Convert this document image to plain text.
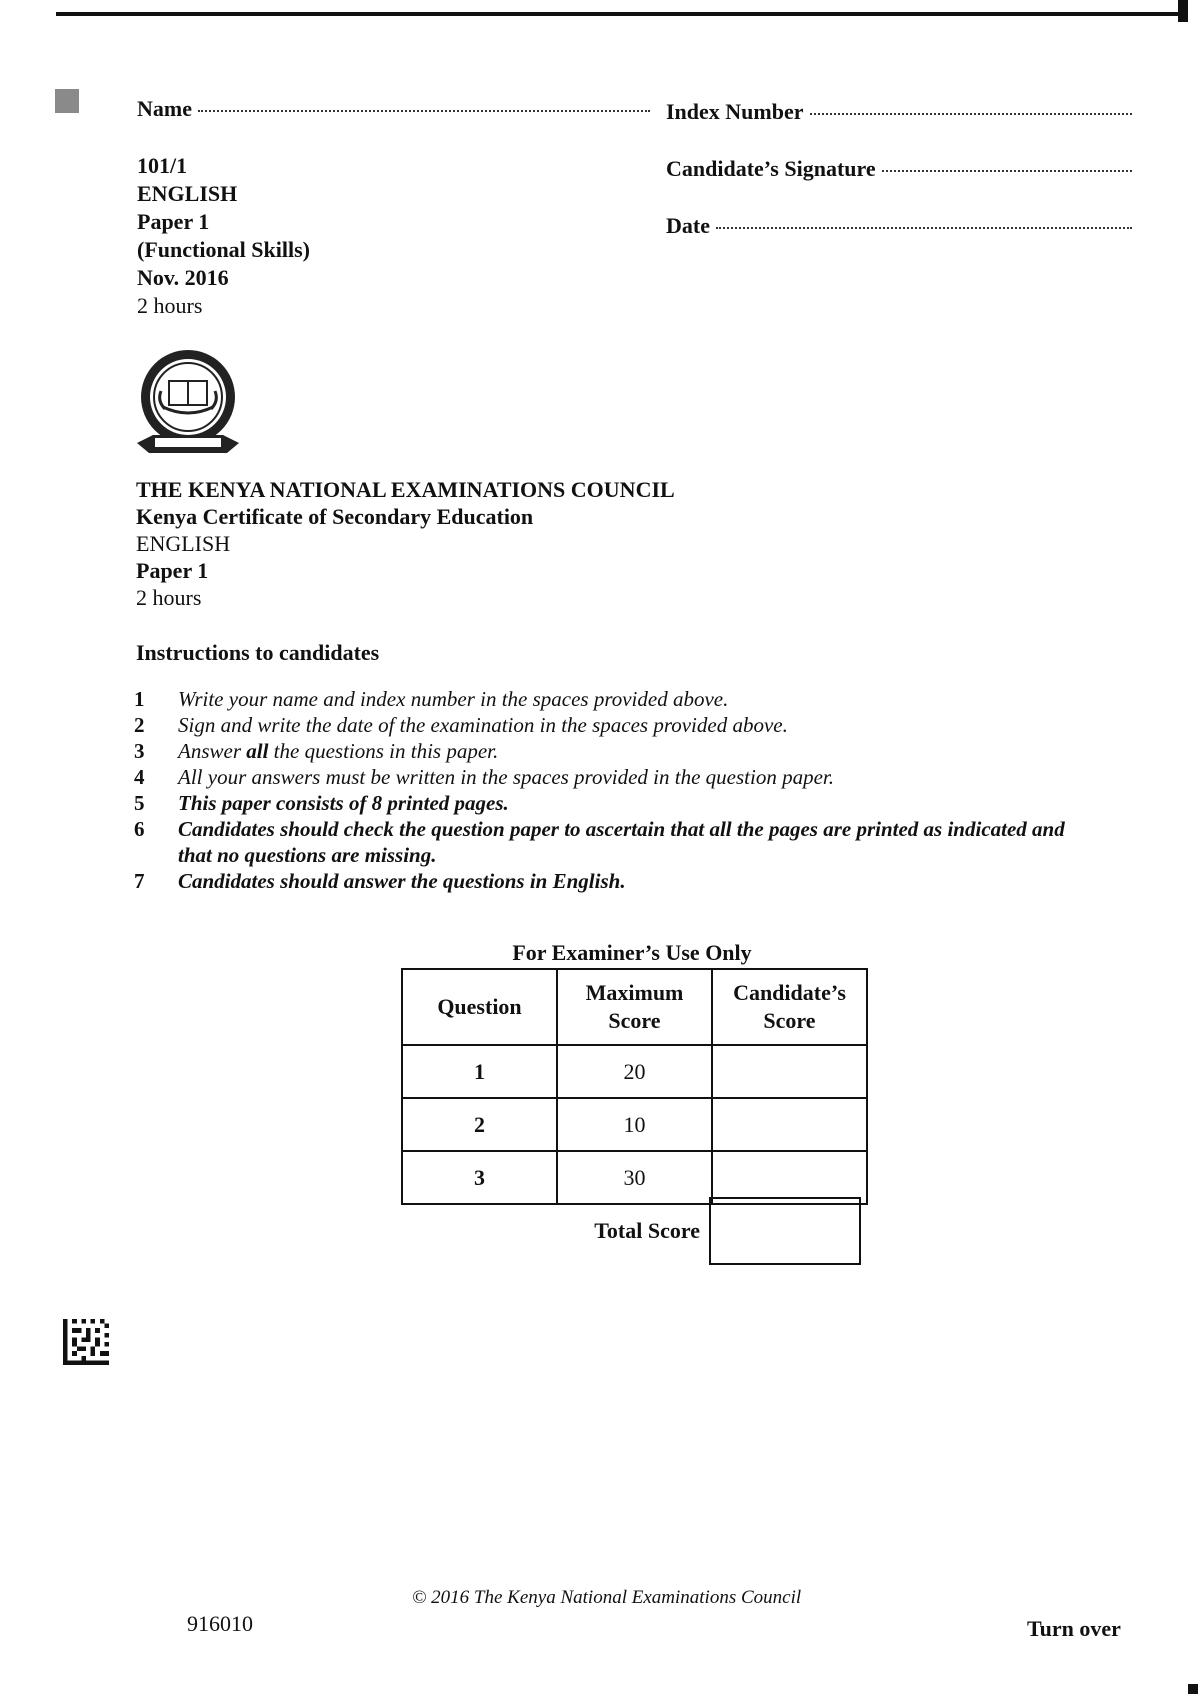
Name	Index Number
Candidate’s Signature
Date
101/1
ENGLISH
Paper 1
(Functional Skills)
Nov. 2016
2 hours
THE KENYA NATIONAL EXAMINATIONS COUNCIL
Kenya Certificate of Secondary Education
ENGLISH
Paper 1
2 hours
Instructions to candidates
1	Write your name and index number in the spaces provided above.
2	Sign and write the date of the examination in the spaces provided above.
3	Answer all the questions in this paper.
4	All your answers must be written in the spaces provided in the question paper.
5	This paper consists of 8 printed pages.
6	Candidates should check the question paper to ascertain that all the pages are printed as indicated and that no questions are missing.
7	Candidates should answer the questions in English.
For Examiner’s Use Only
Question	Maximum Score	Candidate’s Score
1	20	
2	10	
3	30	
Total Score
© 2016 The Kenya National Examinations Council
916010	Turn over
